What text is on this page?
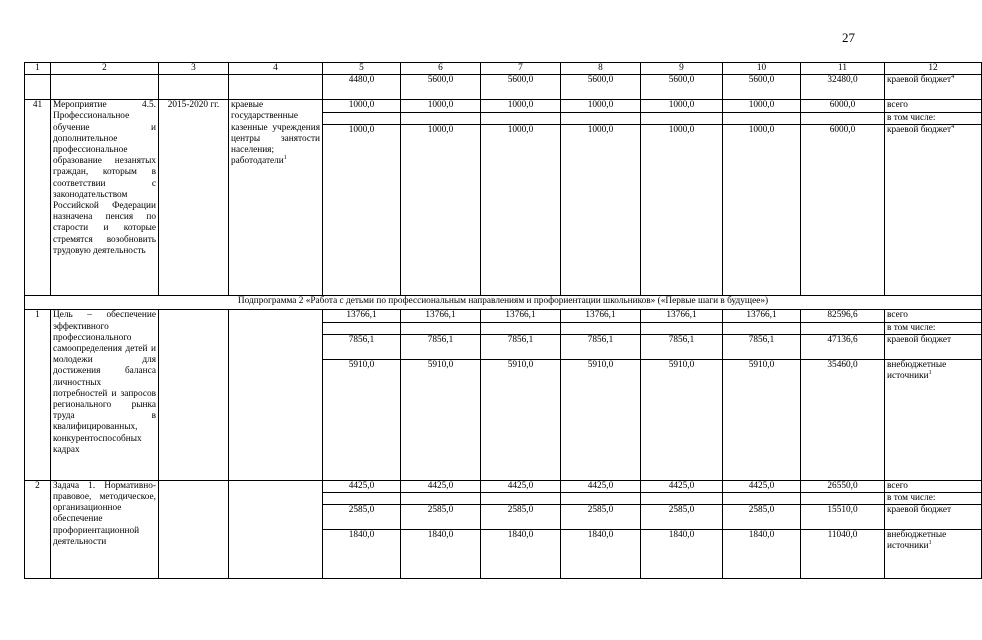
27
1	2	3	4	5	6	7	8	9	10	11	12
				4480,0	5600,0	5600,0	5600,0	5600,0	5600,0	32480,0	краевой бюджет$^4$
41	Мероприятие 4.5. Профессиональное обучение и дополнительное профессиональное образование незанятых граждан, которым в соответствии с законодательством Российской Федерации назначена пенсия по старости и которые стремятся возобновить трудовую деятельность	2015-2020 гг.	краевые государственные казенные учреждения центры занятости населения; работодатели$^1$	1000,0	1000,0	1000,0	1000,0	1000,0	1000,0	6000,0	всего
											в том числе:
				1000,0	1000,0	1000,0	1000,0	1000,0	1000,0	6000,0	краевой бюджет$^4$
Подпрограмма 2 «Работа с детьми по профессиональным направлениям и профориентации школьников» («Первые шаги в будущее»)											
1	Цель – обеспечение эффективного профессионального самоопределения детей и молодежи для достижения баланса личностных потребностей и запросов регионального рынка труда в квалифицированных, конкурентоспособных кадрах			13766,1	13766,1	13766,1	13766,1	13766,1	13766,1	82596,6	всего
											в том числе:
				7856,1	7856,1	7856,1	7856,1	7856,1	7856,1	47136,6	краевой бюджет
				5910,0	5910,0	5910,0	5910,0	5910,0	5910,0	35460,0	внебюджетные источники$^1$
2	Задача 1. Нормативно-правовое, методическое, организационное обеспечение профориентационной деятельности			4425,0	4425,0	4425,0	4425,0	4425,0	4425,0	26550,0	всего
											в том числе:
				2585,0	2585,0	2585,0	2585,0	2585,0	2585,0	15510,0	краевой бюджет
				1840,0	1840,0	1840,0	1840,0	1840,0	1840,0	11040,0	внебюджетные источники$^1$
